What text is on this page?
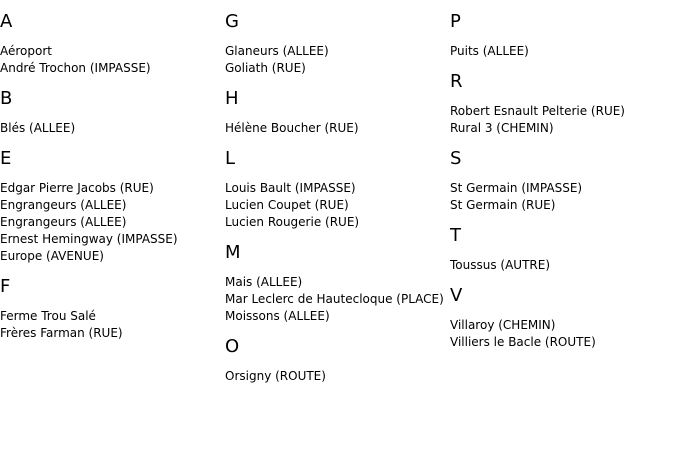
A
Aéroport
André Trochon (IMPASSE)
B
Blés (ALLEE)
E
Edgar Pierre Jacobs (RUE)
Engrangeurs (ALLEE)
Engrangeurs (ALLEE)
Ernest Hemingway (IMPASSE)
Europe (AVENUE)
F
Ferme Trou Salé
Frères Farman (RUE)
G
Glaneurs (ALLEE)
Goliath (RUE)
H
Hélène Boucher (RUE)
L
Louis Bault (IMPASSE)
Lucien Coupet (RUE)
Lucien Rougerie (RUE)
M
Mais (ALLEE)
Mar Leclerc de Hautecloque (PLACE)
Moissons (ALLEE)
O
Orsigny (ROUTE)
P
Puits (ALLEE)
R
Robert Esnault Pelterie (RUE)
Rural 3 (CHEMIN)
S
St Germain (IMPASSE)
St Germain (RUE)
T
Toussus (AUTRE)
V
Villaroy (CHEMIN)
Villiers le Bacle (ROUTE)
